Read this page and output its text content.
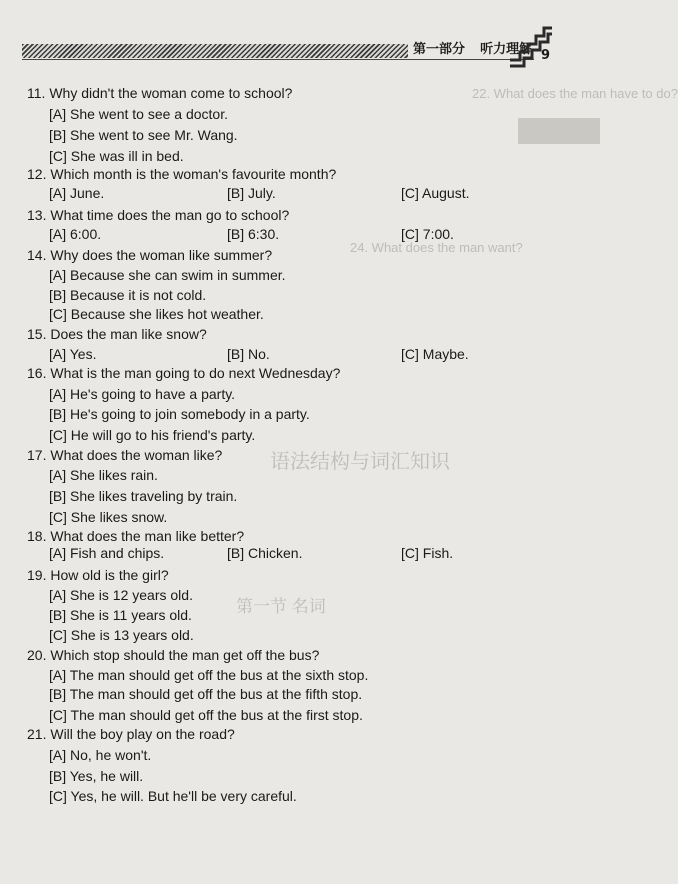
22. What does the man have to do?
24. What does the man want?
语法结构与词汇知识
第一节 名词
第一部分 听力理解 9
11. Why didn't the woman come to school?
[A] She went to see a doctor.
[B] She went to see Mr. Wang.
[C] She was ill in bed.
12. Which month is the woman's favourite month?
[A] June.	[B] July.	[C] August.
13. What time does the man go to school?
[A] 6:00.	[B] 6:30.	[C] 7:00.
14. Why does the woman like summer?
[A] Because she can swim in summer.
[B] Because it is not cold.
[C] Because she likes hot weather.
15. Does the man like snow?
[A] Yes.	[B] No.	[C] Maybe.
16. What is the man going to do next Wednesday?
[A] He's going to have a party.
[B] He's going to join somebody in a party.
[C] He will go to his friend's party.
17. What does the woman like?
[A] She likes rain.
[B] She likes traveling by train.
[C] She likes snow.
18. What does the man like better?
[A] Fish and chips.	[B] Chicken.	[C] Fish.
19. How old is the girl?
[A] She is 12 years old.
[B] She is 11 years old.
[C] She is 13 years old.
20. Which stop should the man get off the bus?
[A] The man should get off the bus at the sixth stop.
[B] The man should get off the bus at the fifth stop.
[C] The man should get off the bus at the first stop.
21. Will the boy play on the road?
[A] No, he won't.
[B] Yes, he will.
[C] Yes, he will. But he'll be very careful.
